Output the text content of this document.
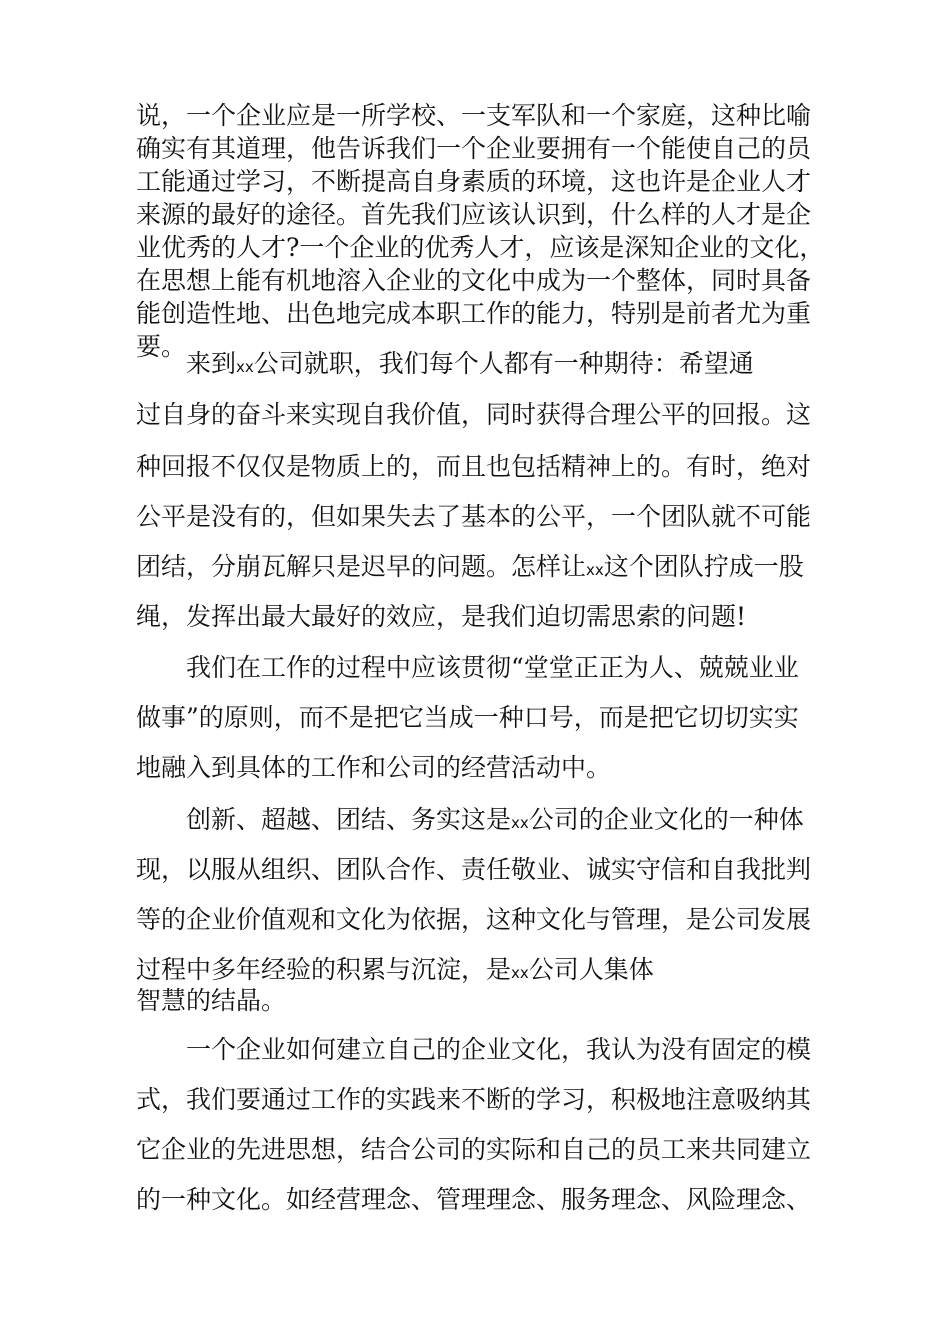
说，一个企业应是一所学校、一支军队和一个家庭，这种比喻
确实有其道理，他告诉我们一个企业要拥有一个能使自己的员
工能通过学习，不断提高自身素质的环境，这也许是企业人才
来源的最好的途径。首先我们应该认识到，什么样的人才是企
业优秀的人才?一个企业的优秀人才，应该是深知企业的文化，
在思想上能有机地溶入企业的文化中成为一个整体，同时具备
能创造性地、出色地完成本职工作的能力，特别是前者尤为重
要。
来到xx公司就职，我们每个人都有一种期待：希望通
过自身的奋斗来实现自我价值，同时获得合理公平的回报。这
种回报不仅仅是物质上的，而且也包括精神上的。有时，绝对
公平是没有的，但如果失去了基本的公平，一个团队就不可能
团结，分崩瓦解只是迟早的问题。怎样让xx这个团队拧成一股
绳，发挥出最大最好的效应，是我们迫切需思索的问题!
我们在工作的过程中应该贯彻“堂堂正正为人、兢兢业业
做事”的原则，而不是把它当成一种口号，而是把它切切实实
地融入到具体的工作和公司的经营活动中。
创新、超越、团结、务实这是xx公司的企业文化的一种体
现，以服从组织、团队合作、责任敬业、诚实守信和自我批判
等的企业价值观和文化为依据，这种文化与管理，是公司发展
过程中多年经验的积累与沉淀，是xx公司人集体
智慧的结晶。
一个企业如何建立自己的企业文化，我认为没有固定的模
式，我们要通过工作的实践来不断的学习，积极地注意吸纳其
它企业的先进思想，结合公司的实际和自己的员工来共同建立
的一种文化。如经营理念、管理理念、服务理念、风险理念、
